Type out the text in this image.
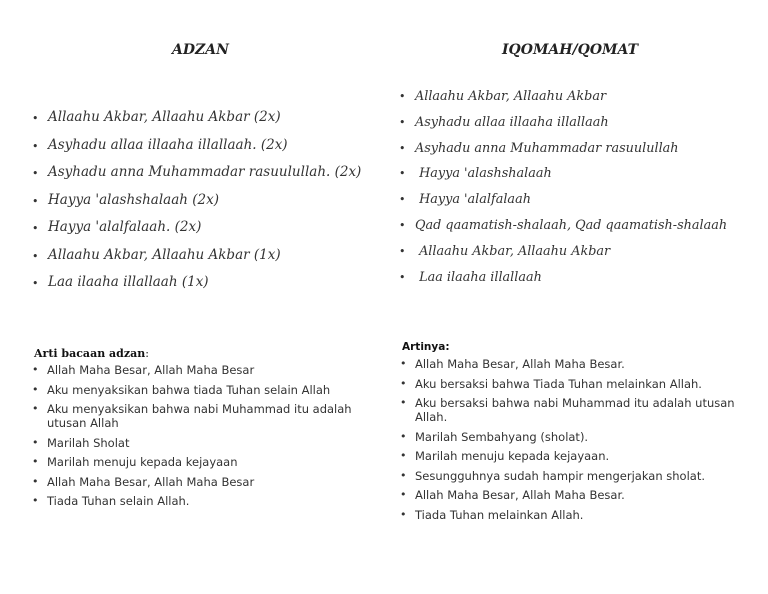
ADZAN	IQOMAH/QOMAT
• Allaahu Akbar, Allaahu Akbar (2x)
• Asyhadu allaa illaaha illallaah. (2x)
• Asyhadu anna Muhammadar rasuulullah. (2x)
• Hayya 'alashshalaah (2x)
• Hayya 'alalfalaah. (2x)
• Allaahu Akbar, Allaahu Akbar (1x)
• Laa ilaaha illallaah (1x)
• Allaahu Akbar, Allaahu Akbar
• Asyhadu allaa illaaha illallaah
• Asyhadu anna Muhammadar rasuulullah
•  Hayya 'alashshalaah
•  Hayya 'alalfalaah
• Qad qaamatish-shalaah, Qad qaamatish-shalaah
•  Allaahu Akbar, Allaahu Akbar
•  Laa ilaaha illallaah

Arti bacaan adzan:	Artinya:

• Allah Maha Besar, Allah Maha Besar
• Aku menyaksikan bahwa tiada Tuhan selain Allah
• Aku menyaksikan bahwa nabi Muhammad itu adalah utusan Allah
• Marilah Sholat
• Marilah menuju kepada kejayaan
• Allah Maha Besar, Allah Maha Besar
• Tiada Tuhan selain Allah.
• Allah Maha Besar, Allah Maha Besar.
• Aku bersaksi bahwa Tiada Tuhan melainkan Allah.
• Aku bersaksi bahwa nabi Muhammad itu adalah utusan Allah.
• Marilah Sembahyang (sholat).
• Marilah menuju kepada kejayaan.
• Sesungguhnya sudah hampir mengerjakan sholat.
• Allah Maha Besar, Allah Maha Besar.
• Tiada Tuhan melainkan Allah.
